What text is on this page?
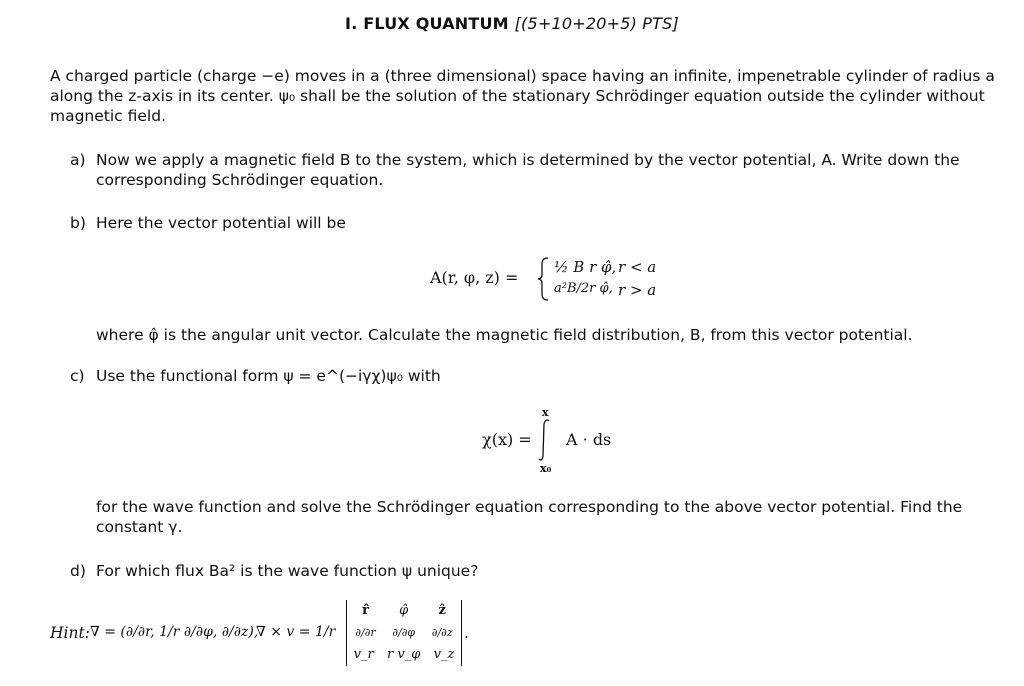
I. FLUX QUANTUM [(5+10+20+5) PTS]
A charged particle (charge −e) moves in a (three dimensional) space having an infinite, impenetrable cylinder of radius a
along the z-axis in its center. ψ₀ shall be the solution of the stationary Schrödinger equation outside the cylinder without
magnetic field.
a) Now we apply a magnetic field B to the system, which is determined by the vector potential, A. Write down the
corresponding Schrödinger equation.
b) Here the vector potential will be
A(r, φ, z) =
½ B r φ̂, r < a
a²B/2r φ̂, r > a
where φ̂ is the angular unit vector. Calculate the magnetic field distribution, B, from this vector potential.
c) Use the functional form ψ = e^(−iγχ)ψ₀ with
χ(x) =
x
x₀
A · ds
for the wave function and solve the Schrödinger equation corresponding to the above vector potential. Find the
constant γ.
d) For which flux Ba² is the wave function ψ unique?
Hint: ∇ = (∂/∂r, 1/r ∂/∂φ, ∂/∂z),
∇ × v = 1/r
r̂ φ̂ ẑ
∂/∂r ∂/∂φ ∂/∂z
v_r r v_φ v_z
.
